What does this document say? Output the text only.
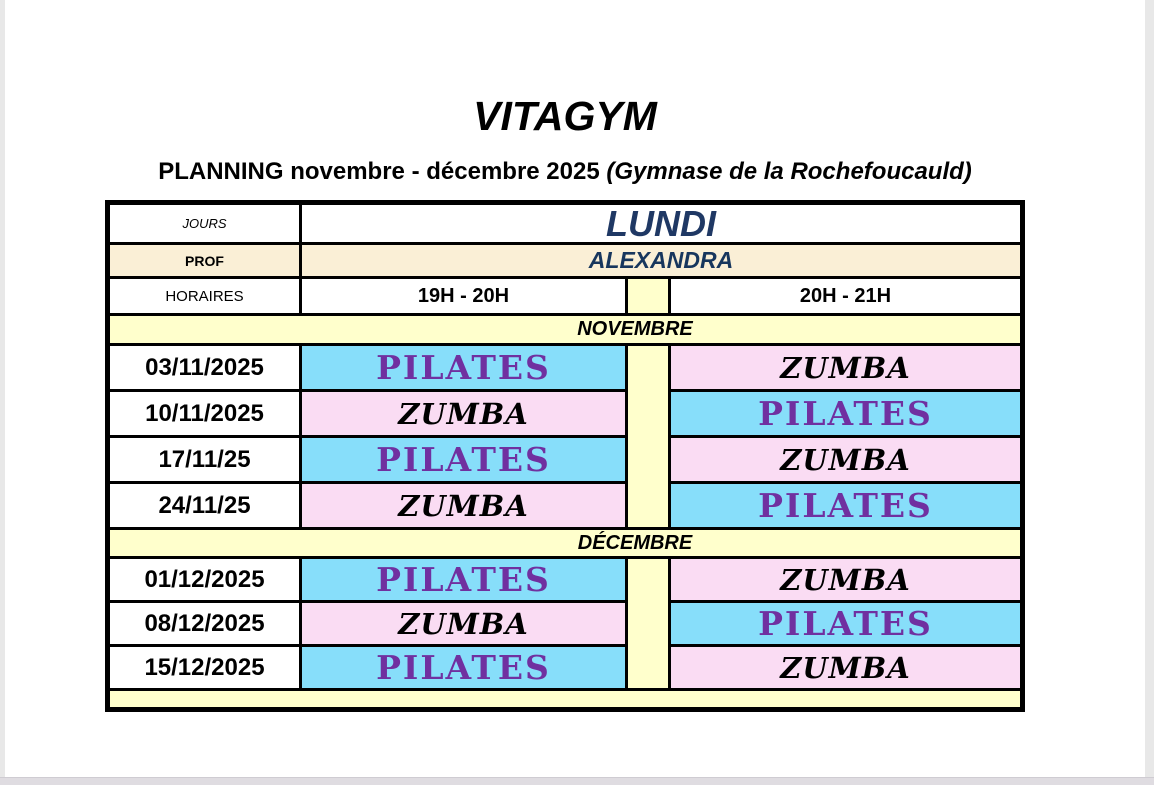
VITAGYM
PLANNING novembre - décembre 2025 (Gymnase de la Rochefoucauld)
JOURS	LUNDI
PROF	ALEXANDRA
HORAIRES	19H - 20H	20H - 21H
NOVEMBRE
03/11/2025	PILATES	ZUMBA
10/11/2025	ZUMBA	PILATES
17/11/25	PILATES	ZUMBA
24/11/25	ZUMBA	PILATES
DÉCEMBRE
01/12/2025	PILATES	ZUMBA
08/12/2025	ZUMBA	PILATES
15/12/2025	PILATES	ZUMBA
